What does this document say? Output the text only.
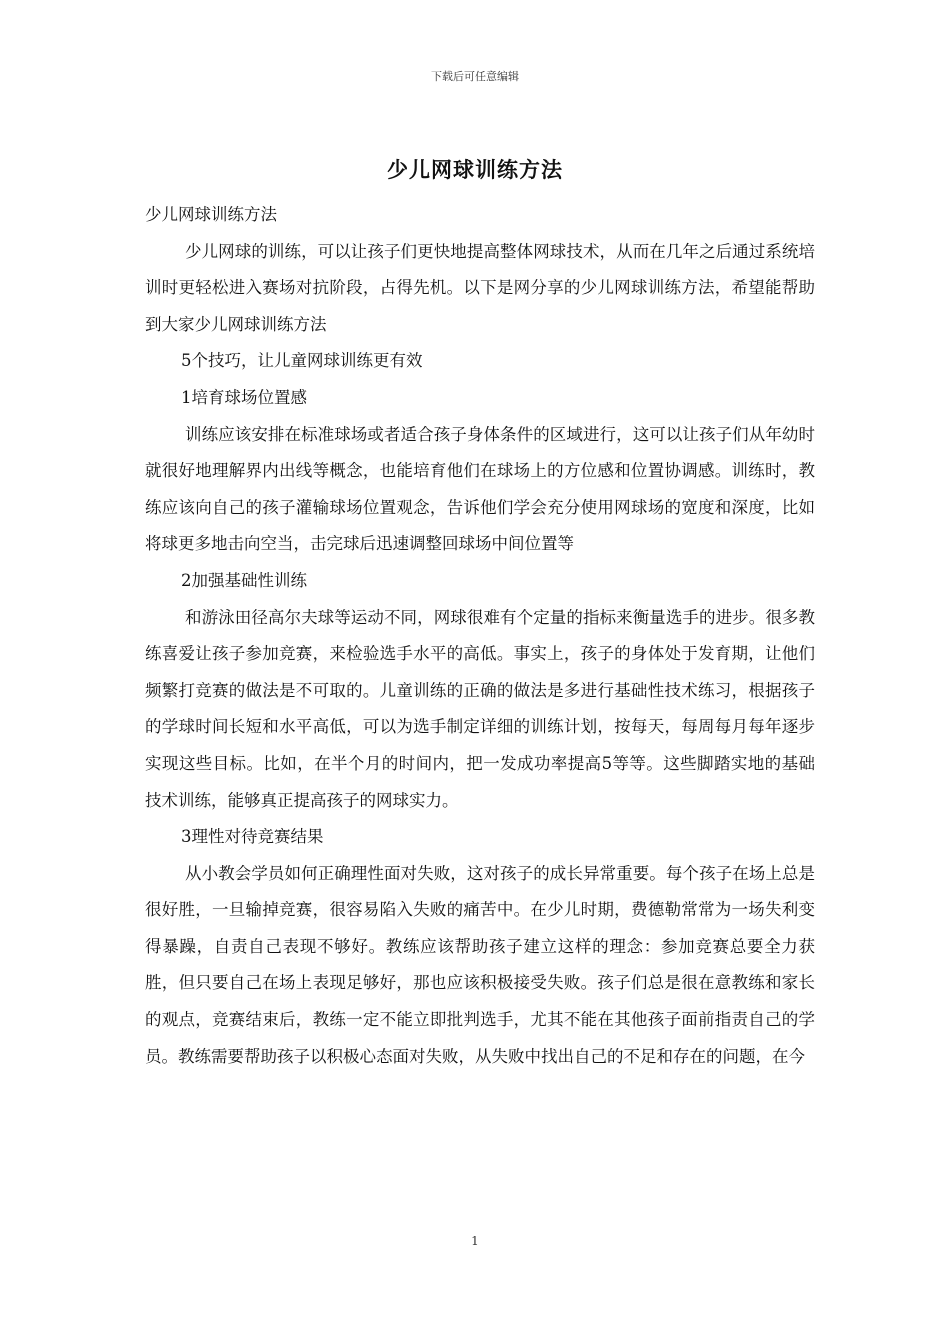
下载后可任意编辑
少儿网球训练方法

少儿网球训练方法

少儿网球的训练，可以让孩子们更快地提高整体网球技术，从而在几年之后通过系统培训时更轻松进入赛场对抗阶段，占得先机。以下是网分享的少儿网球训练方法，希望能帮助到大家少儿网球训练方法

5个技巧，让儿童网球训练更有效

1培育球场位置感

训练应该安排在标准球场或者适合孩子身体条件的区域进行，这可以让孩子们从年幼时就很好地理解界内出线等概念，也能培育他们在球场上的方位感和位置协调感。训练时，教练应该向自己的孩子灌输球场位置观念，告诉他们学会充分使用网球场的宽度和深度，比如将球更多地击向空当，击完球后迅速调整回球场中间位置等

2加强基础性训练

和游泳田径高尔夫球等运动不同，网球很难有个定量的指标来衡量选手的进步。很多教练喜爱让孩子参加竞赛，来检验选手水平的高低。事实上，孩子的身体处于发育期，让他们频繁打竞赛的做法是不可取的。儿童训练的正确的做法是多进行基础性技术练习，根据孩子的学球时间长短和水平高低，可以为选手制定详细的训练计划，按每天，每周每月每年逐步实现这些目标。比如，在半个月的时间内，把一发成功率提高5等等。这些脚踏实地的基础技术训练，能够真正提高孩子的网球实力。

3理性对待竞赛结果

从小教会学员如何正确理性面对失败，这对孩子的成长异常重要。每个孩子在场上总是很好胜，一旦输掉竞赛，很容易陷入失败的痛苦中。在少儿时期，费德勒常常为一场失利变得暴躁，自责自己表现不够好。教练应该帮助孩子建立这样的理念：参加竞赛总要全力获胜，但只要自己在场上表现足够好，那也应该积极接受失败。孩子们总是很在意教练和家长的观点，竞赛结束后，教练一定不能立即批判选手，尤其不能在其他孩子面前指责自己的学员。教练需要帮助孩子以积极心态面对失败，从失败中找出自己的不足和存在的问题，在今

1
